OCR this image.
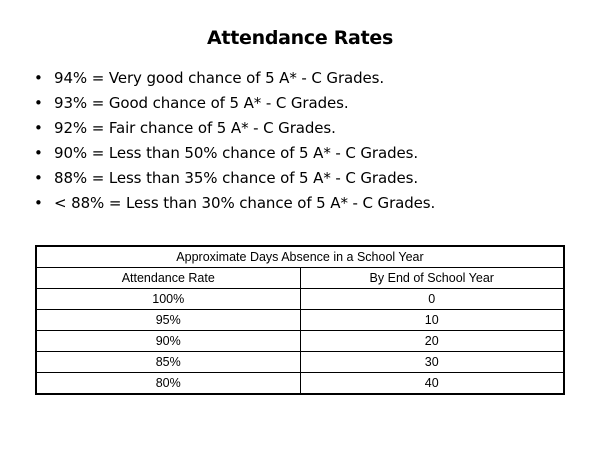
Attendance Rates
• 94% = Very good chance of 5 A* - C Grades.
• 93% = Good chance of 5 A* - C Grades.
• 92% = Fair chance of 5 A* - C Grades.
• 90% = Less than 50% chance of 5 A* - C Grades.
• 88% = Less than 35% chance of 5 A* - C Grades.
• < 88% = Less than 30% chance of 5 A* - C Grades.
Approximate Days Absence in a School Year	
Attendance Rate	By End of School Year
100%	0
95%	10
90%	20
85%	30
80%	40
